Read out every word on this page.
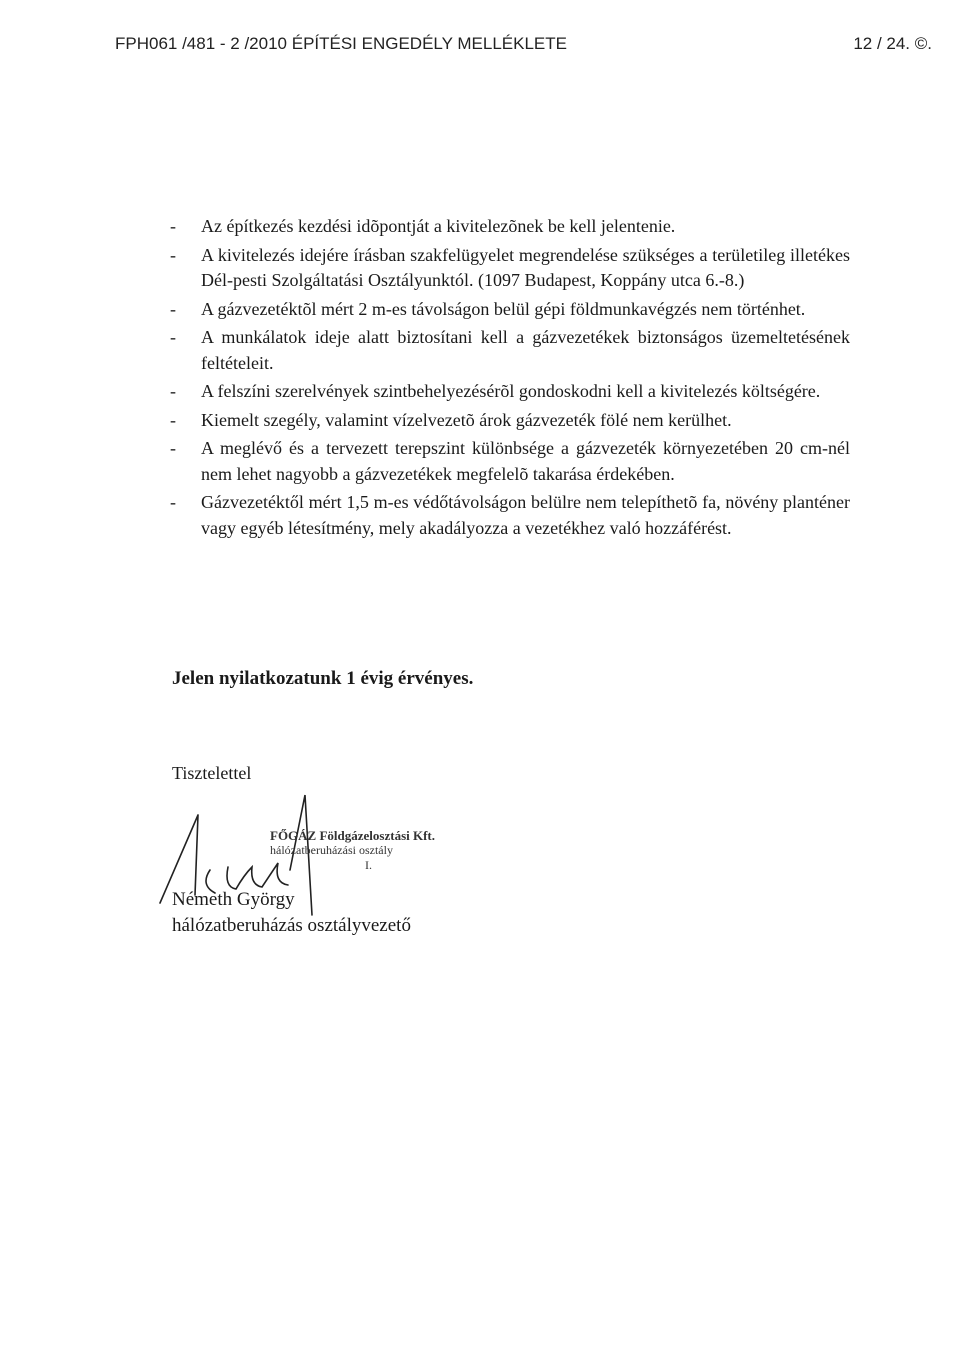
FPH061 /481 - 2 /2010 ÉPÍTÉSI ENGEDÉLY MELLÉKLETE	12 / 24. ©.
-	Az építkezés kezdési idõpontját a kivitelezõnek be kell jelentenie.
-	A kivitelezés idejére írásban szakfelügyelet megrendelése szükséges a területileg illetékes Dél-pesti Szolgáltatási Osztályunktól. (1097 Budapest, Koppány utca 6.-8.)
-	A gázvezetéktõl mért 2 m-es távolságon belül gépi földmunkavégzés nem történhet.
-	A munkálatok ideje alatt biztosítani kell a gázvezetékek biztonságos üzemeltetésének feltételeit.
-	A felszíni szerelvények szintbehelyezésérõl gondoskodni kell a kivitelezés költségére.
-	Kiemelt szegély, valamint vízelvezetõ árok gázvezeték fölé nem kerülhet.
-	A meglévő és a tervezett terepszint különbsége a gázvezeték környezetében 20 cm-nél nem lehet nagyobb a gázvezetékek megfelelõ takarása érdekében.
-	Gázvezetéktől mért 1,5 m-es védőtávolságon belülre nem telepíthetõ fa, növény planténer vagy egyéb létesítmény, mely akadályozza a vezetékhez való hozzáférést.
Jelen nyilatkozatunk 1 évig érvényes.
Tisztelettel
FŐGÁZ Földgázelosztási Kft.
hálózatberuházási osztály
I.
Németh György
hálózatberuházás osztályvezető
